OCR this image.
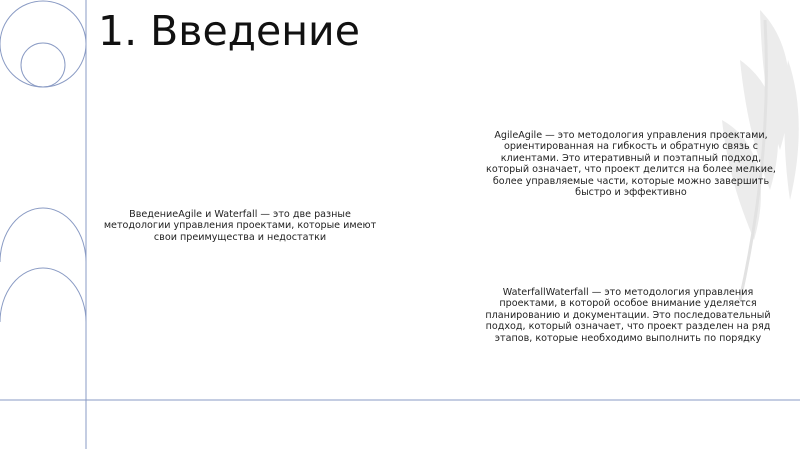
1. Введение

ВведениеAgile и Waterfall — это две разные методологии управления проектами, которые имеют свои преимущества и недостатки

AgileAgile — это методология управления проектами, ориентированная на гибкость и обратную связь с клиентами. Это итеративный и поэтапный подход, который означает, что проект делится на более мелкие, более управляемые части, которые можно завершить быстро и эффективно

WaterfallWaterfall — это методология управления проектами, в которой особое внимание уделяется планированию и документации. Это последовательный подход, который означает, что проект разделен на ряд этапов, которые необходимо выполнить по порядку
